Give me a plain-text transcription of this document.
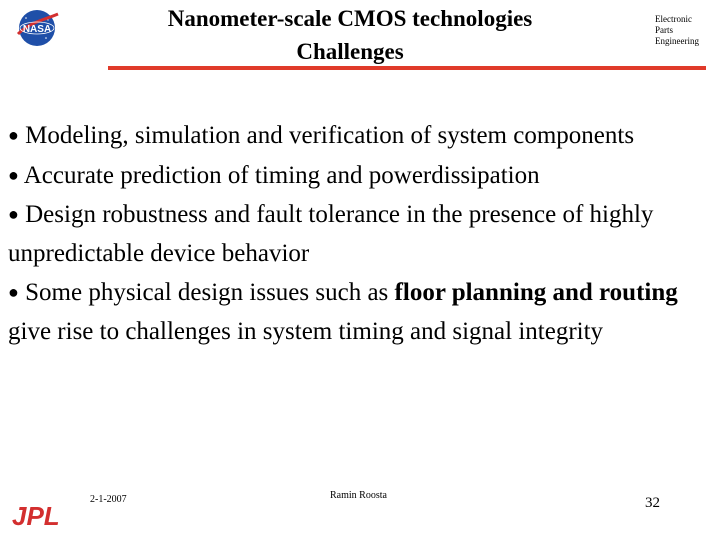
NASA	Nanometer-scale CMOS technologies
Challenges
Electronic
Parts
Engineering

● Modeling, simulation and verification of system components

● Accurate prediction of timing and powerdissipation

● Design robustness and fault tolerance in the presence of highly unpredictable device behavior

● Some physical design issues such as floor planning and routing give rise to challenges in system timing and signal integrity

JPL
2-1-2007	Ramin Roosta	32
